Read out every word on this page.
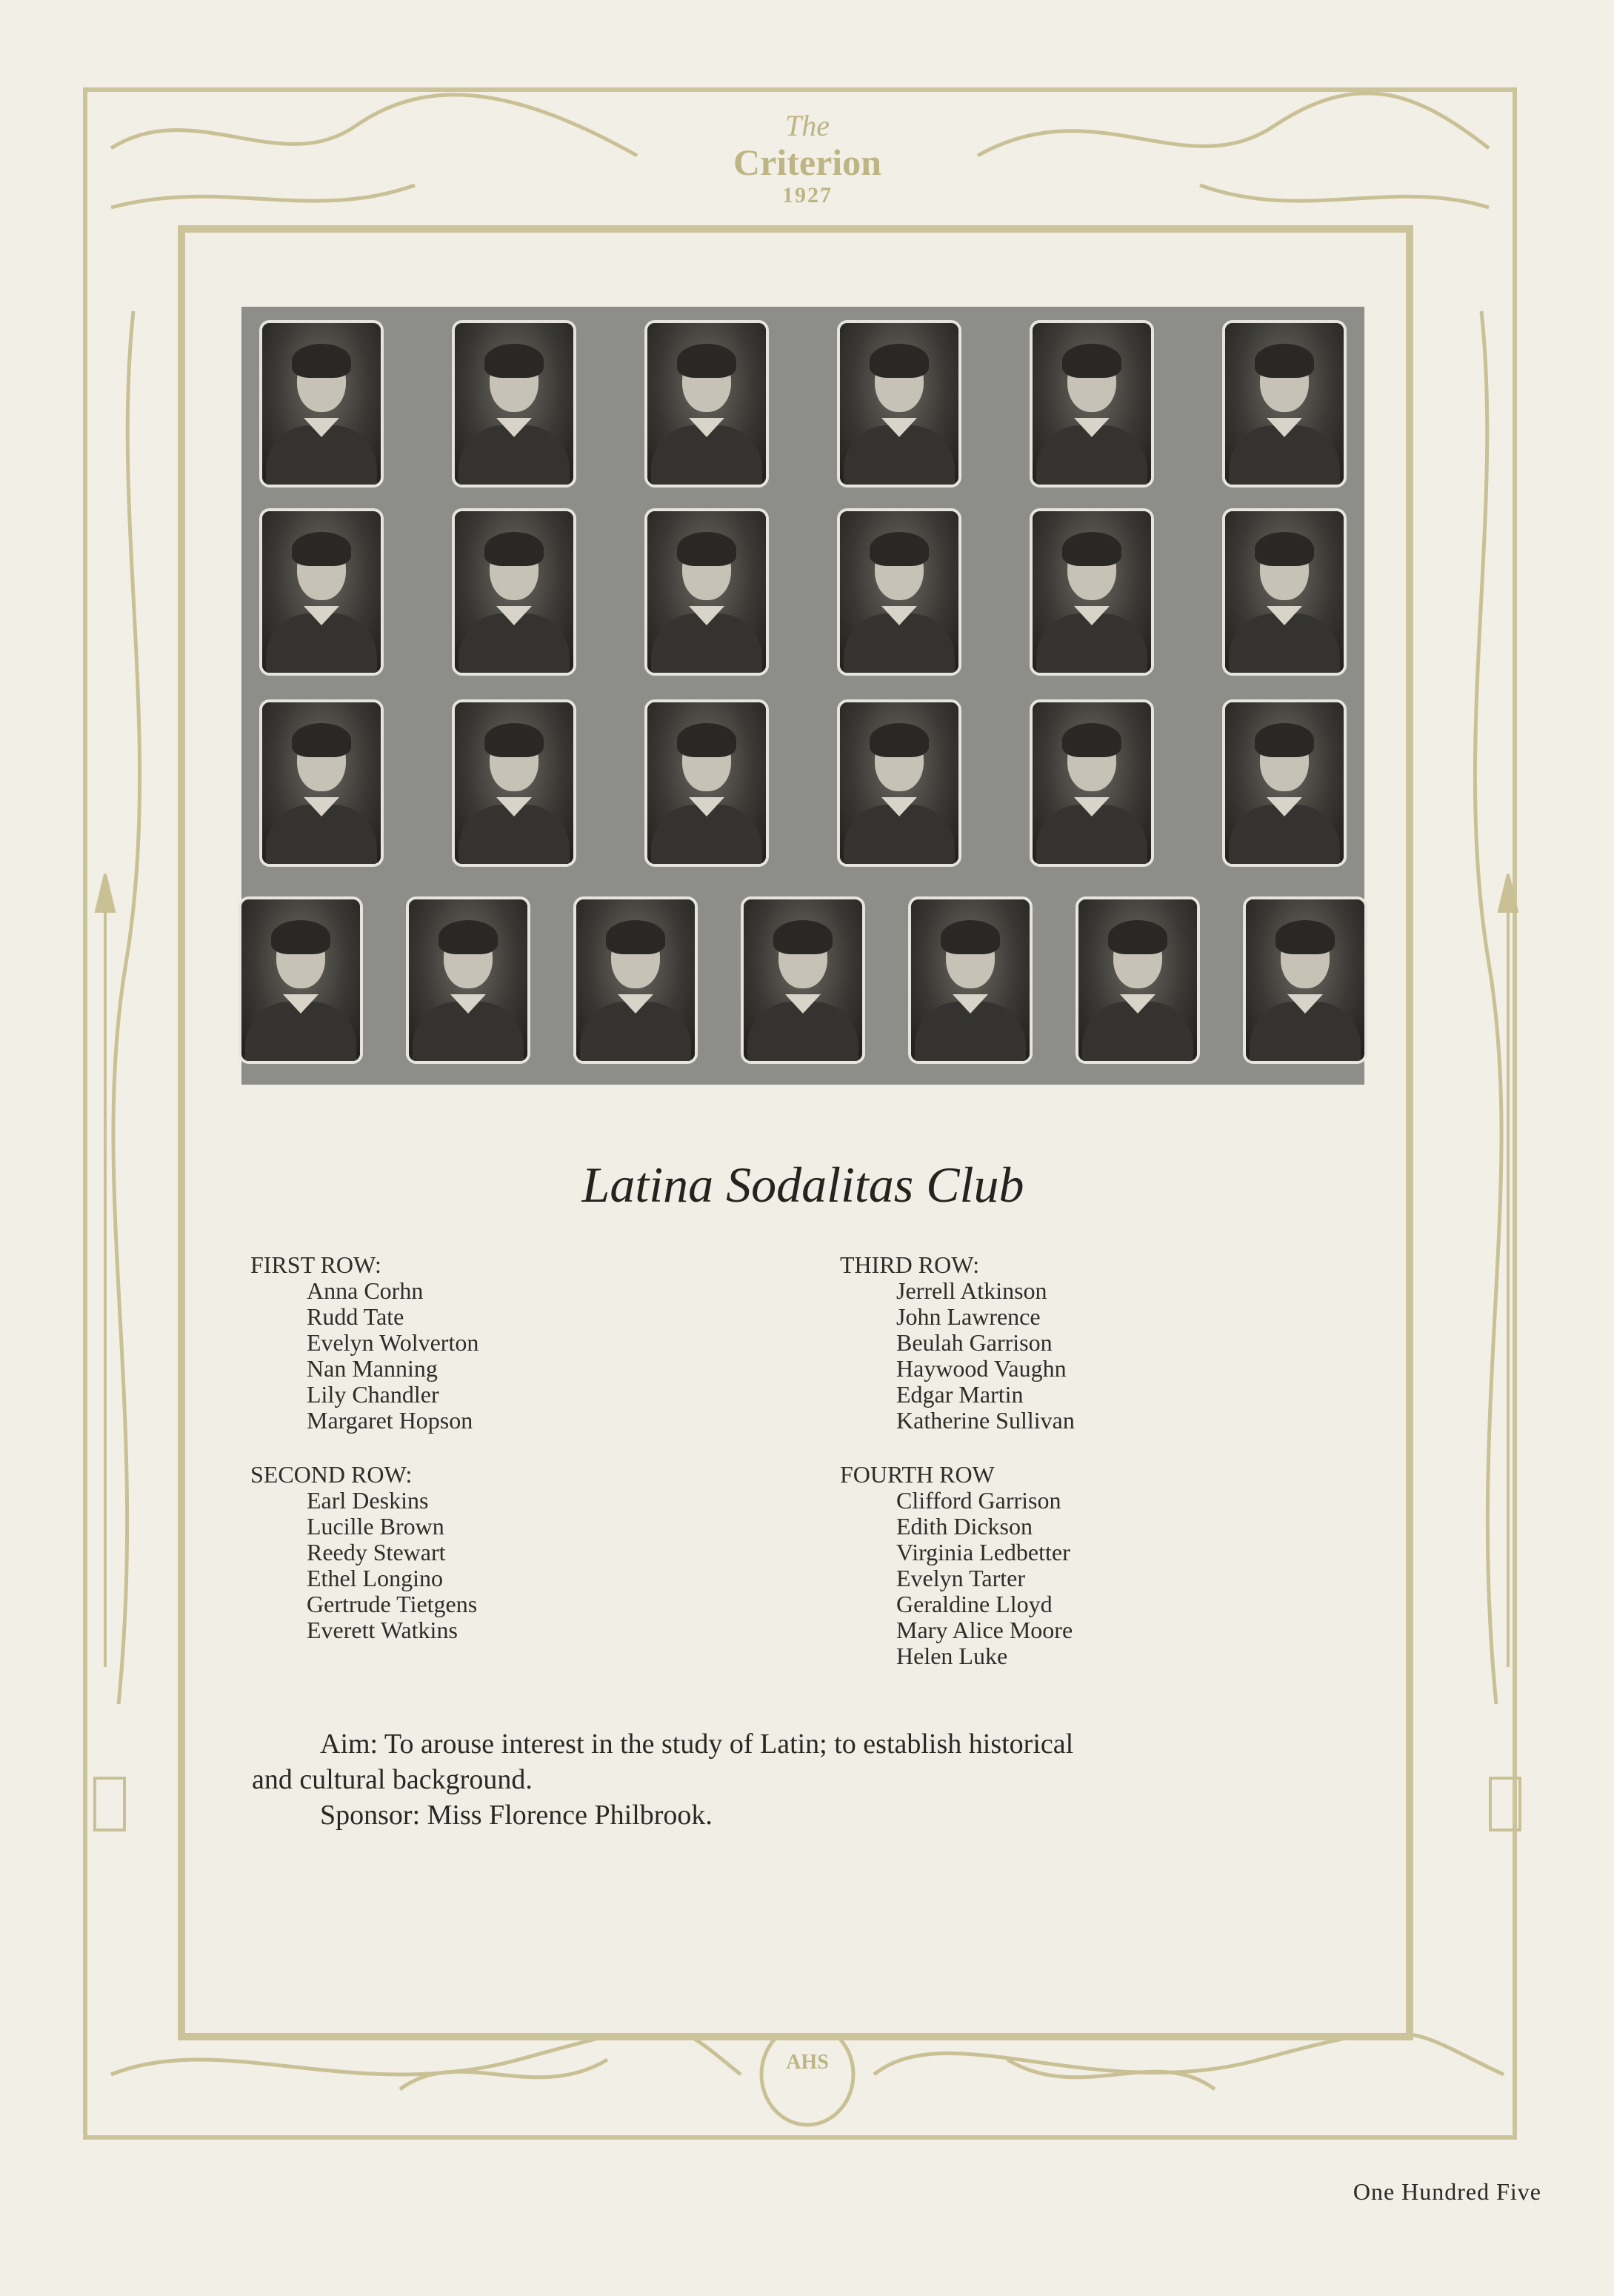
The
Criterion
1927
AHS
Latina Sodalitas Club
FIRST ROW:
Anna Corhn
Rudd Tate
Evelyn Wolverton
Nan Manning
Lily Chandler
Margaret Hopson
SECOND ROW:
Earl Deskins
Lucille Brown
Reedy Stewart
Ethel Longino
Gertrude Tietgens
Everett Watkins
THIRD ROW:
Jerrell Atkinson
John Lawrence
Beulah Garrison
Haywood Vaughn
Edgar Martin
Katherine Sullivan
FOURTH ROW
Clifford Garrison
Edith Dickson
Virginia Ledbetter
Evelyn Tarter
Geraldine Lloyd
Mary Alice Moore
Helen Luke

Aim: To arouse interest in the study of Latin; to establish historical

and cultural background.

Sponsor: Miss Florence Philbrook.

One Hundred Five
